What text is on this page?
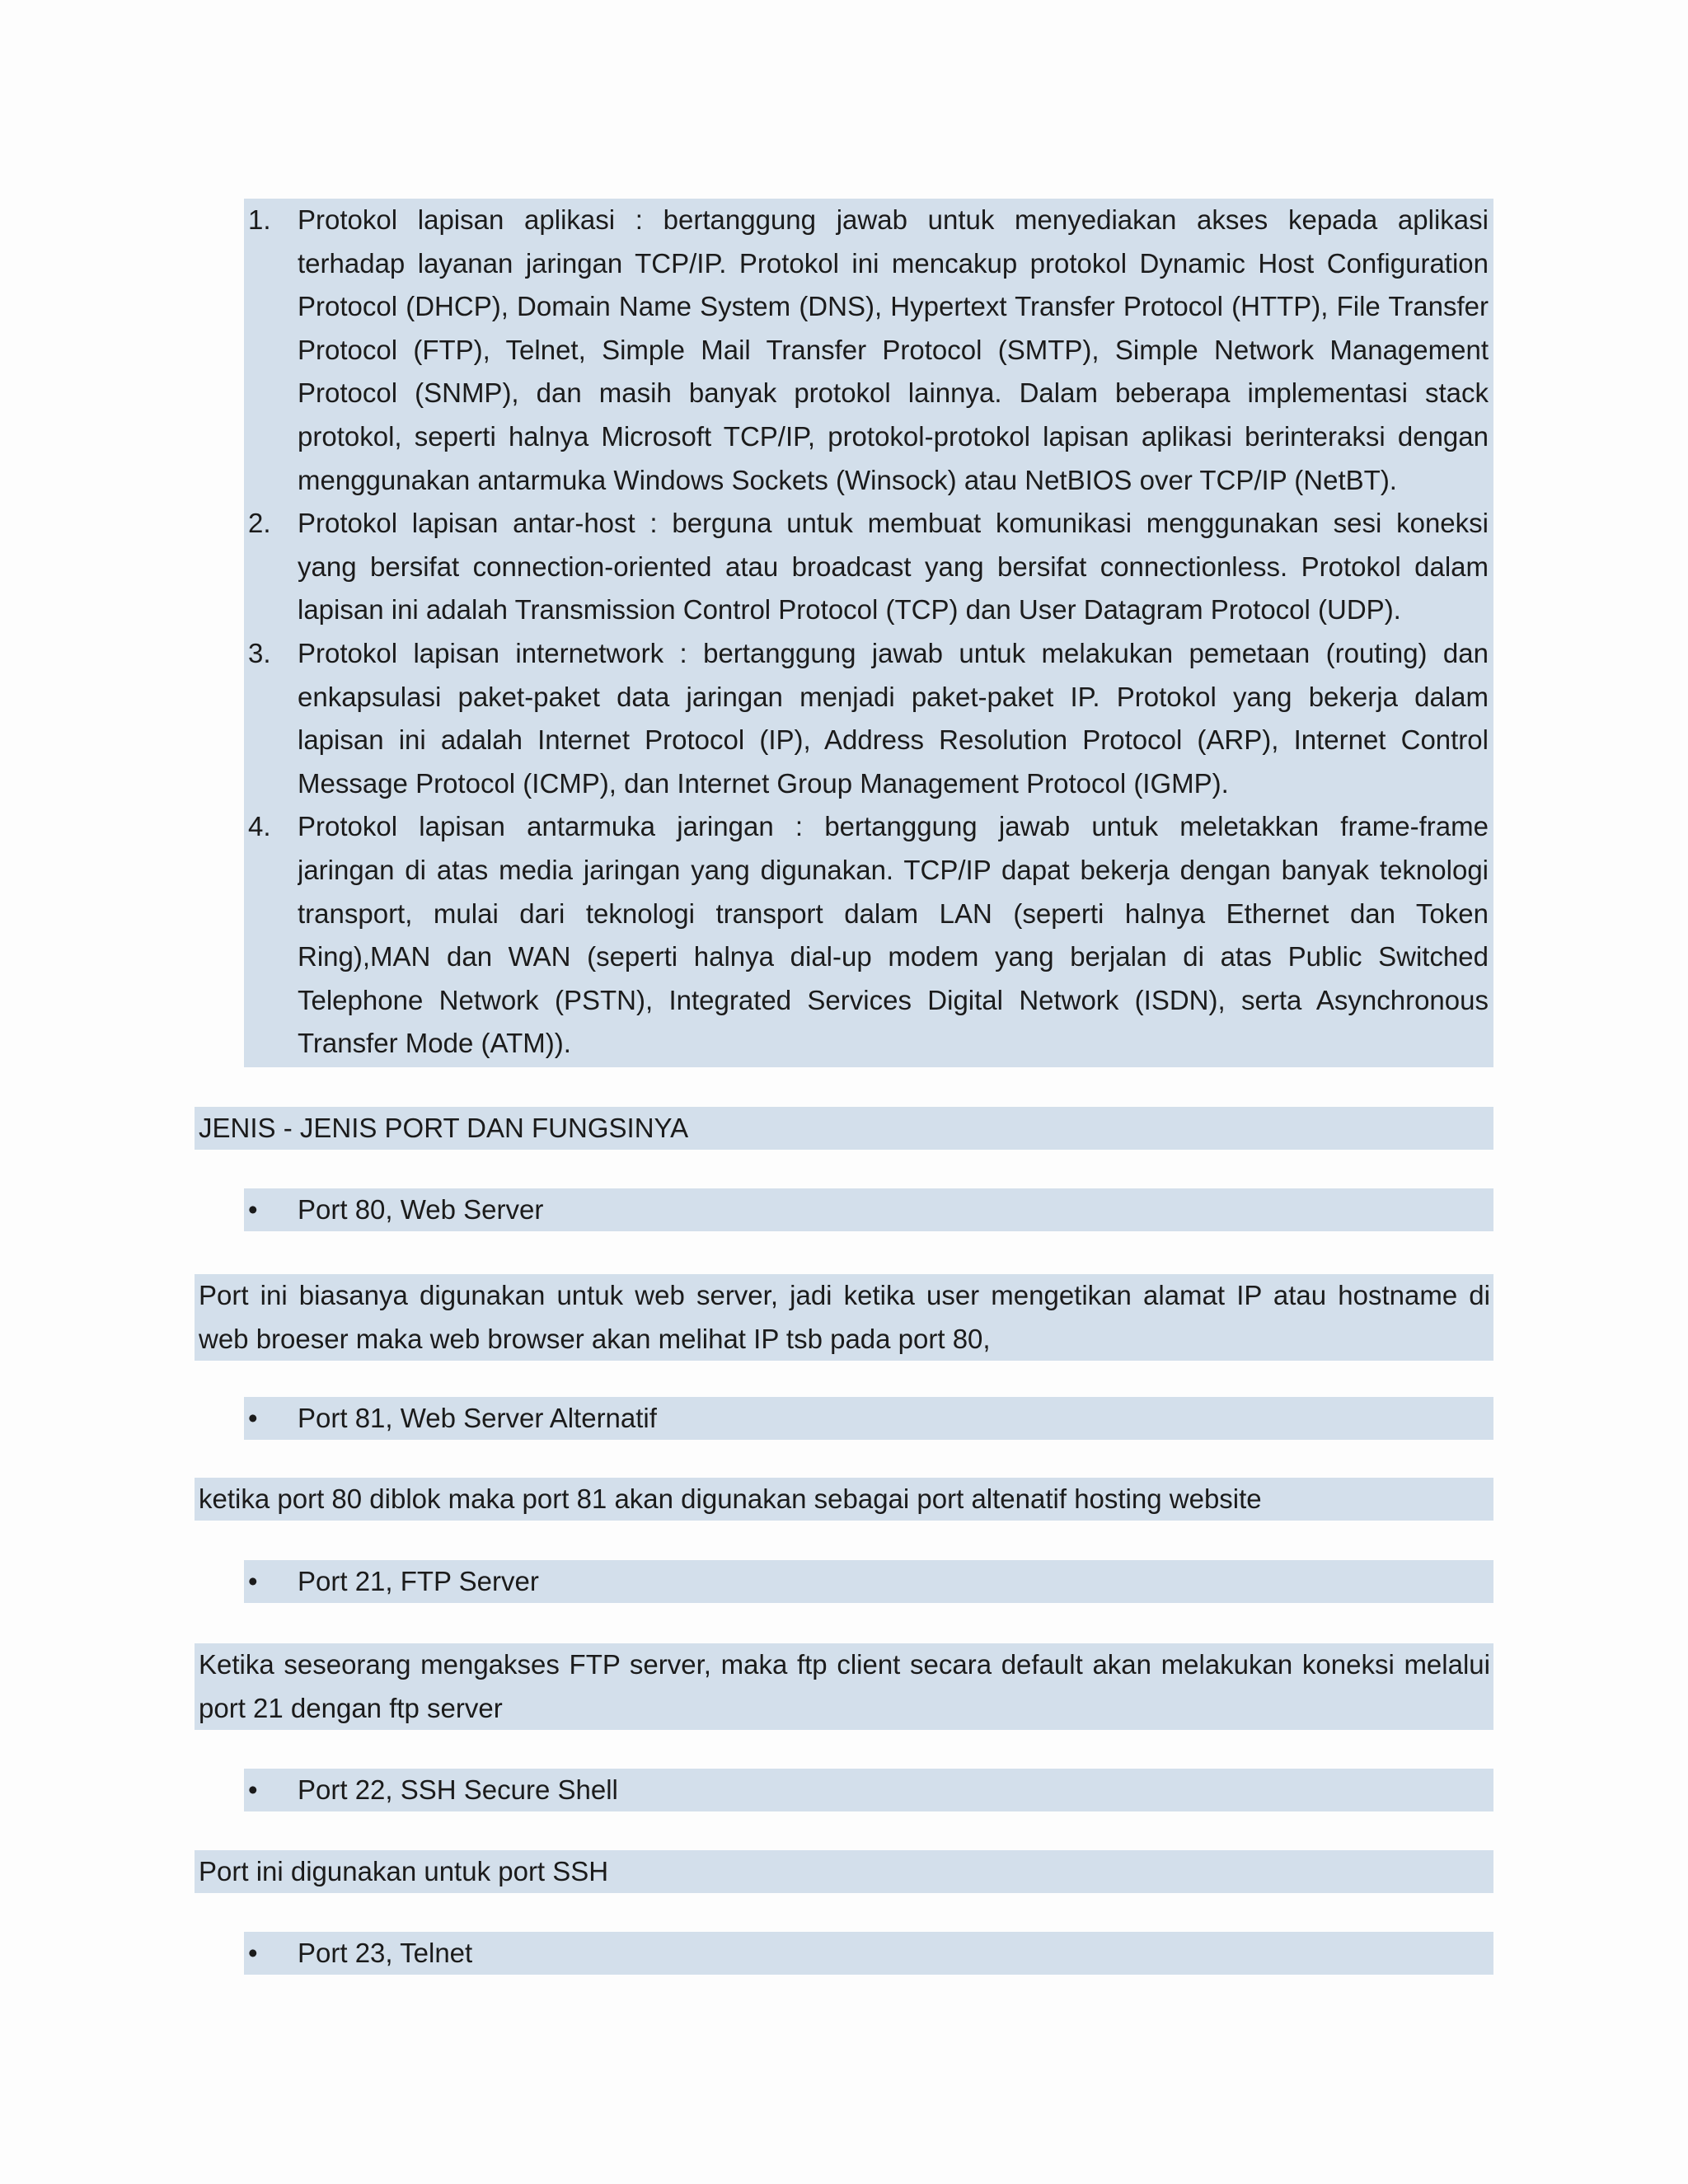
1. Protokol lapisan aplikasi : bertanggung jawab untuk menyediakan akses kepada aplikasi
terhadap layanan jaringan TCP/IP. Protokol ini mencakup protokol Dynamic Host Configuration
Protocol (DHCP), Domain Name System (DNS), Hypertext Transfer Protocol (HTTP), File Transfer
Protocol (FTP), Telnet, Simple Mail Transfer Protocol (SMTP), Simple Network Management
Protocol (SNMP), dan masih banyak protokol lainnya. Dalam beberapa implementasi stack
protokol, seperti halnya Microsoft TCP/IP, protokol-protokol lapisan aplikasi berinteraksi dengan
menggunakan antarmuka Windows Sockets (Winsock) atau NetBIOS over TCP/IP (NetBT).
2. Protokol lapisan antar-host : berguna untuk membuat komunikasi menggunakan sesi koneksi
yang bersifat connection-oriented atau broadcast yang bersifat connectionless. Protokol dalam
lapisan ini adalah Transmission Control Protocol (TCP) dan User Datagram Protocol (UDP).
3. Protokol lapisan internetwork : bertanggung jawab untuk melakukan pemetaan (routing) dan
enkapsulasi paket-paket data jaringan menjadi paket-paket IP. Protokol yang bekerja dalam
lapisan ini adalah Internet Protocol (IP), Address Resolution Protocol (ARP), Internet Control
Message Protocol (ICMP), dan Internet Group Management Protocol (IGMP).
4. Protokol lapisan antarmuka jaringan : bertanggung jawab untuk meletakkan frame-frame
jaringan di atas media jaringan yang digunakan. TCP/IP dapat bekerja dengan banyak teknologi
transport, mulai dari teknologi transport dalam LAN (seperti halnya Ethernet dan Token
Ring),MAN dan WAN (seperti halnya dial-up modem yang berjalan di atas Public Switched
Telephone Network (PSTN), Integrated Services Digital Network (ISDN), serta Asynchronous
Transfer Mode (ATM)).
JENIS - JENIS PORT DAN FUNGSINYA
• Port 80, Web Server
Port ini biasanya digunakan untuk web server, jadi ketika user mengetikan alamat IP atau hostname di
web broeser maka web browser akan melihat IP tsb pada port 80,
• Port 81, Web Server Alternatif
ketika port 80 diblok maka port 81 akan digunakan sebagai port altenatif hosting website
• Port 21, FTP Server
Ketika seseorang mengakses FTP server, maka ftp client secara default akan melakukan koneksi melalui
port 21 dengan ftp server
• Port 22, SSH Secure Shell
Port ini digunakan untuk port SSH
• Port 23, Telnet
